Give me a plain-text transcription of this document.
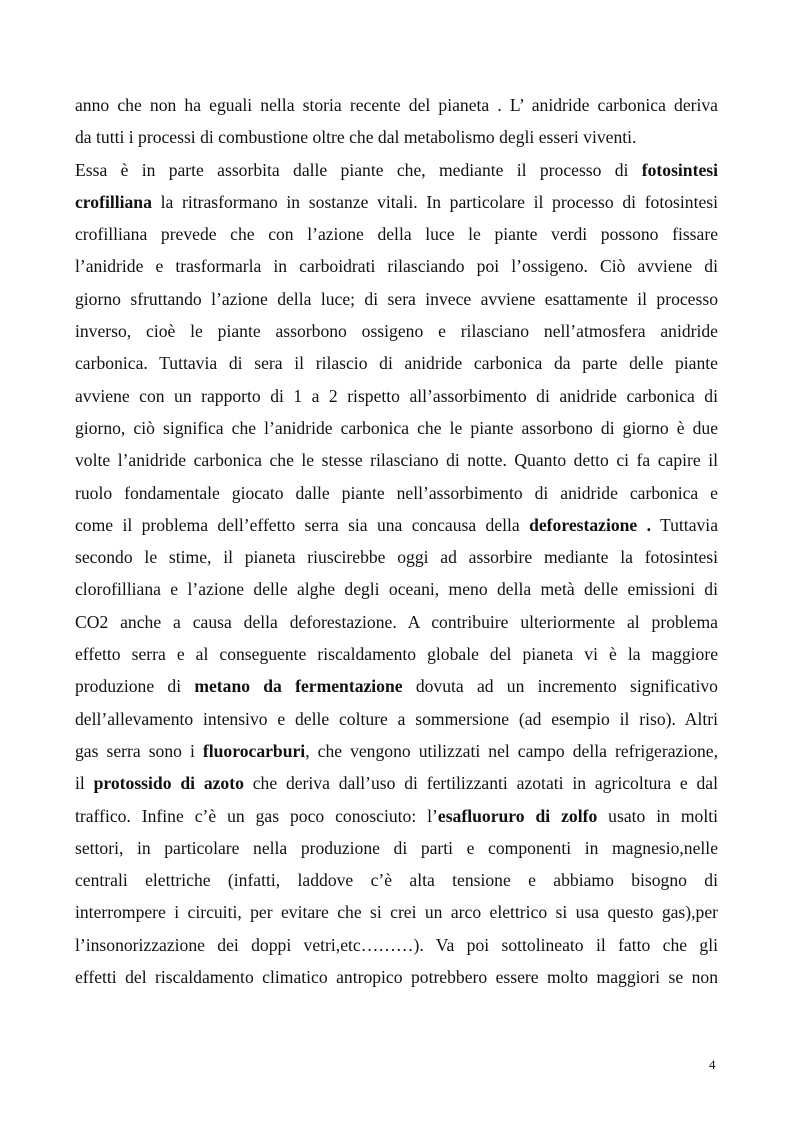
anno che non ha eguali nella storia recente del pianeta . L’ anidride carbonica deriva
da tutti i processi di combustione oltre che dal metabolismo degli esseri viventi.
Essa è in parte assorbita dalle piante che, mediante il processo di fotosintesi
crofilliana la ritrasformano in sostanze vitali. In particolare il processo di fotosintesi
crofilliana prevede che con l’azione della luce le piante verdi possono fissare
l’anidride e trasformarla in carboidrati rilasciando poi l’ossigeno. Ciò avviene di
giorno sfruttando l’azione della luce; di sera invece avviene esattamente il processo
inverso, cioè le piante assorbono ossigeno e rilasciano nell’atmosfera anidride
carbonica. Tuttavia di sera il rilascio di anidride carbonica da parte delle piante
avviene con un rapporto di 1 a 2 rispetto all’assorbimento di anidride carbonica di
giorno, ciò significa che l’anidride carbonica che le piante assorbono di giorno è due
volte l’anidride carbonica che le stesse rilasciano di notte. Quanto detto ci fa capire il
ruolo fondamentale giocato dalle piante nell’assorbimento di anidride carbonica e
come il problema dell’effetto serra sia una concausa della deforestazione . Tuttavia
secondo le stime, il pianeta riuscirebbe oggi ad assorbire mediante la fotosintesi
clorofilliana e l’azione delle alghe degli oceani, meno della metà delle emissioni di
CO2 anche a causa della deforestazione. A contribuire ulteriormente al problema
effetto serra e al conseguente riscaldamento globale del pianeta vi è la maggiore
produzione di metano da fermentazione dovuta ad un incremento significativo
dell’allevamento intensivo e delle colture a sommersione (ad esempio il riso). Altri
gas serra sono i fluorocarburi, che vengono utilizzati nel campo della refrigerazione,
il protossido di azoto che deriva dall’uso di fertilizzanti azotati in agricoltura e dal
traffico. Infine c’è un gas poco conosciuto: l’esafluoruro di zolfo usato in molti
settori, in particolare nella produzione di parti e componenti in magnesio,nelle
centrali elettriche (infatti, laddove c’è alta tensione e abbiamo bisogno di
interrompere i circuiti, per evitare che si crei un arco elettrico si usa questo gas),per
l’insonorizzazione dei doppi vetri,etc………). Va poi sottolineato il fatto che gli
effetti del riscaldamento climatico antropico potrebbero essere molto maggiori se non
4
